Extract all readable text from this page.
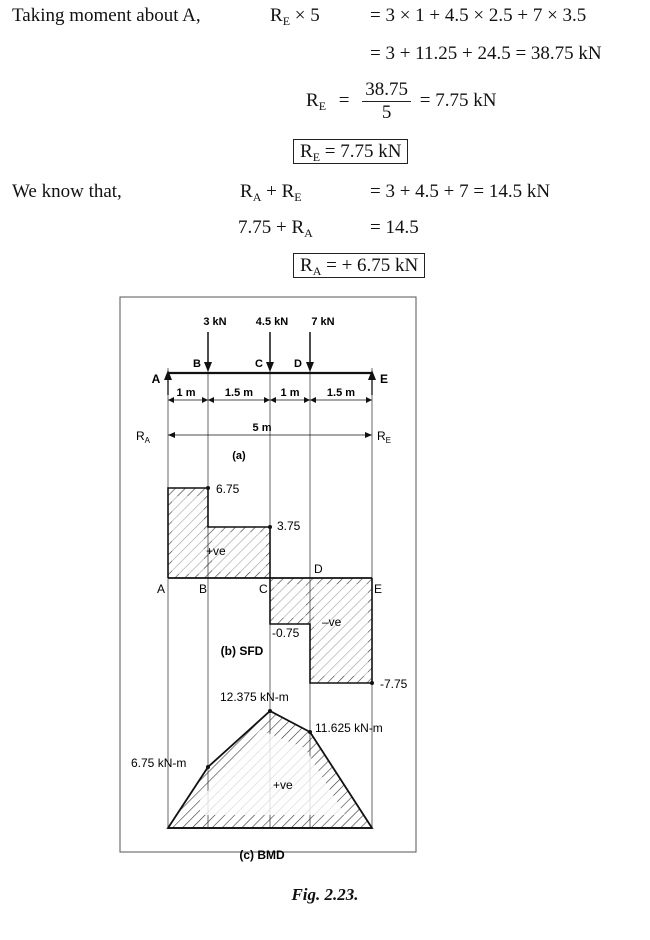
Taking moment about A,	$R_E \times 5$	= 3 × 1 + 4.5 × 2.5 + 7 × 3.5
= 3 + 11.25 + 24.5 = 38.75 kN
$R_E = \frac{38.75}{5} = 7.75$ kN
$R_E = 7.75$ kN
We know that,	$R_A + R_E$	= 3 + 4.5 + 7 = 14.5 kN
$7.75 + R_A$	= 14.5
$R_A$ = + 6.75 kN
3 kN	4.5 kN 7 kN
A
B	C	D
E
1 m	1.5 m 1 m 1.5 m
5 m
$R_A$	$R_E$
(a)
6.75
3.75
-0.75
-7.75
+ve
–ve
A	B	C
D
E
(b) SFD
6.75 kN-m
12.375 kN-m
11.625 kN-m
+ve
(c) BMD
Fig. 2.23.
